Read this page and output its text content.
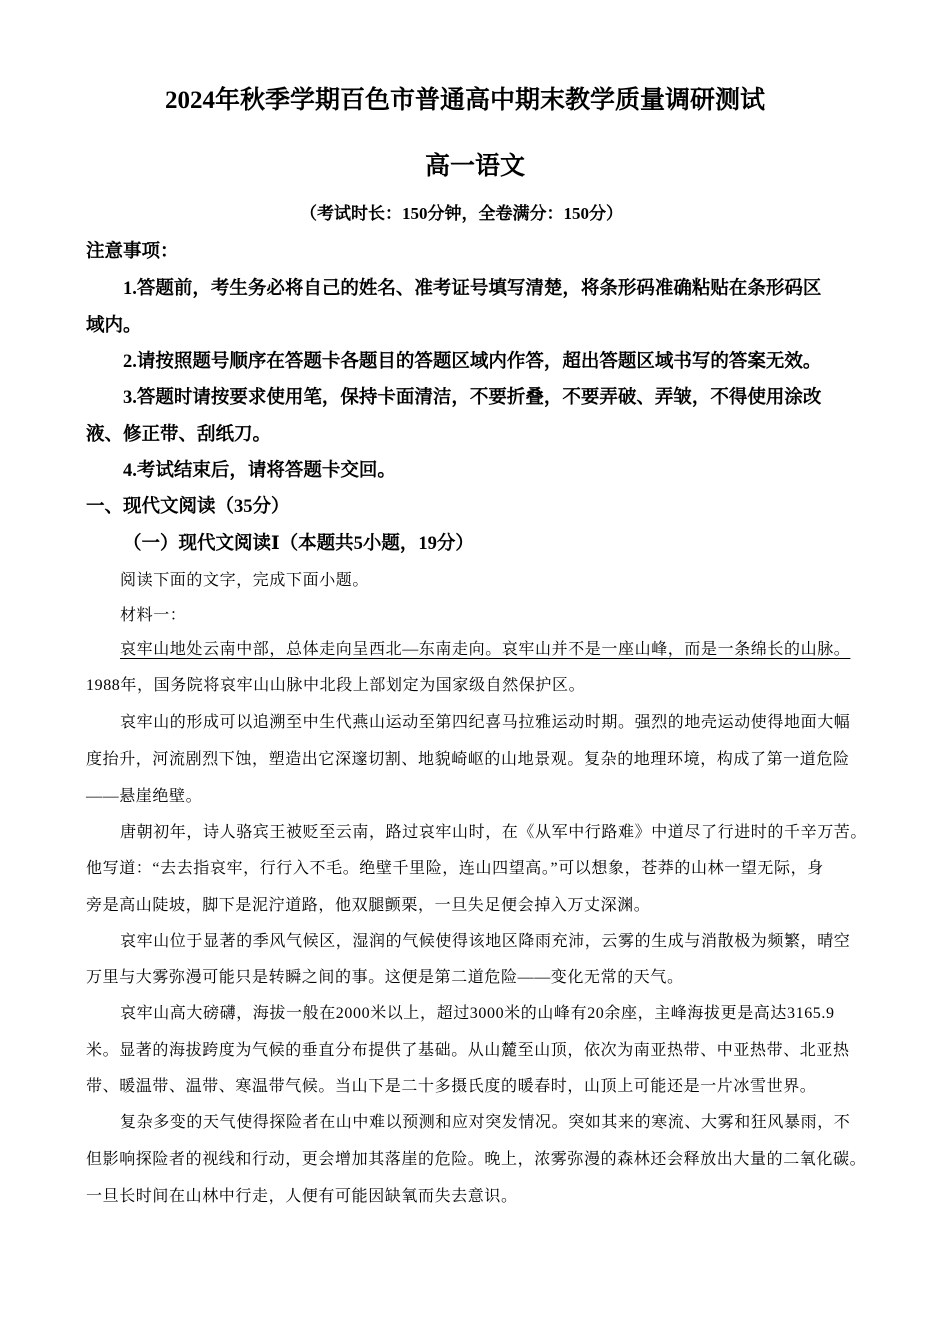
2024年秋季学期百色市普通高中期末教学质量调研测试
高一语文
（考试时长：150分钟，全卷满分：150分）
注意事项：
1.答题前，考生务必将自己的姓名、准考证号填写清楚，将条形码准确粘贴在条形码区
域内。
2.请按照题号顺序在答题卡各题目的答题区域内作答，超出答题区域书写的答案无效。
3.答题时请按要求使用笔，保持卡面清洁，不要折叠，不要弄破、弄皱，不得使用涂改
液、修正带、刮纸刀。
4.考试结束后，请将答题卡交回。
一、现代文阅读（35分）
（一）现代文阅读Ⅰ（本题共5小题，19分）
阅读下面的文字，完成下面小题。
材料一：
哀牢山地处云南中部，总体走向呈西北—东南走向。哀牢山并不是一座山峰，而是一条绵长的山脉。
1988年，国务院将哀牢山山脉中北段上部划定为国家级自然保护区。
哀牢山的形成可以追溯至中生代燕山运动至第四纪喜马拉雅运动时期。强烈的地壳运动使得地面大幅
度抬升，河流剧烈下蚀，塑造出它深邃切割、地貌崎岖的山地景观。复杂的地理环境，构成了第一道危险
——悬崖绝壁。
唐朝初年，诗人骆宾王被贬至云南，路过哀牢山时，在《从军中行路难》中道尽了行进时的千辛万苦。
他写道：“去去指哀牢，行行入不毛。绝壁千里险，连山四望高。”可以想象，苍莽的山林一望无际，身
旁是高山陡坡，脚下是泥泞道路，他双腿颤栗，一旦失足便会掉入万丈深渊。
哀牢山位于显著的季风气候区，湿润的气候使得该地区降雨充沛，云雾的生成与消散极为频繁，晴空
万里与大雾弥漫可能只是转瞬之间的事。这便是第二道危险——变化无常的天气。
哀牢山高大磅礴，海拔一般在2000米以上，超过3000米的山峰有20余座，主峰海拔更是高达3165.9
米。显著的海拔跨度为气候的垂直分布提供了基础。从山麓至山顶，依次为南亚热带、中亚热带、北亚热
带、暖温带、温带、寒温带气候。当山下是二十多摄氏度的暖春时，山顶上可能还是一片冰雪世界。
复杂多变的天气使得探险者在山中难以预测和应对突发情况。突如其来的寒流、大雾和狂风暴雨，不
但影响探险者的视线和行动，更会增加其落崖的危险。晚上，浓雾弥漫的森林还会释放出大量的二氧化碳。
一旦长时间在山林中行走，人便有可能因缺氧而失去意识。
